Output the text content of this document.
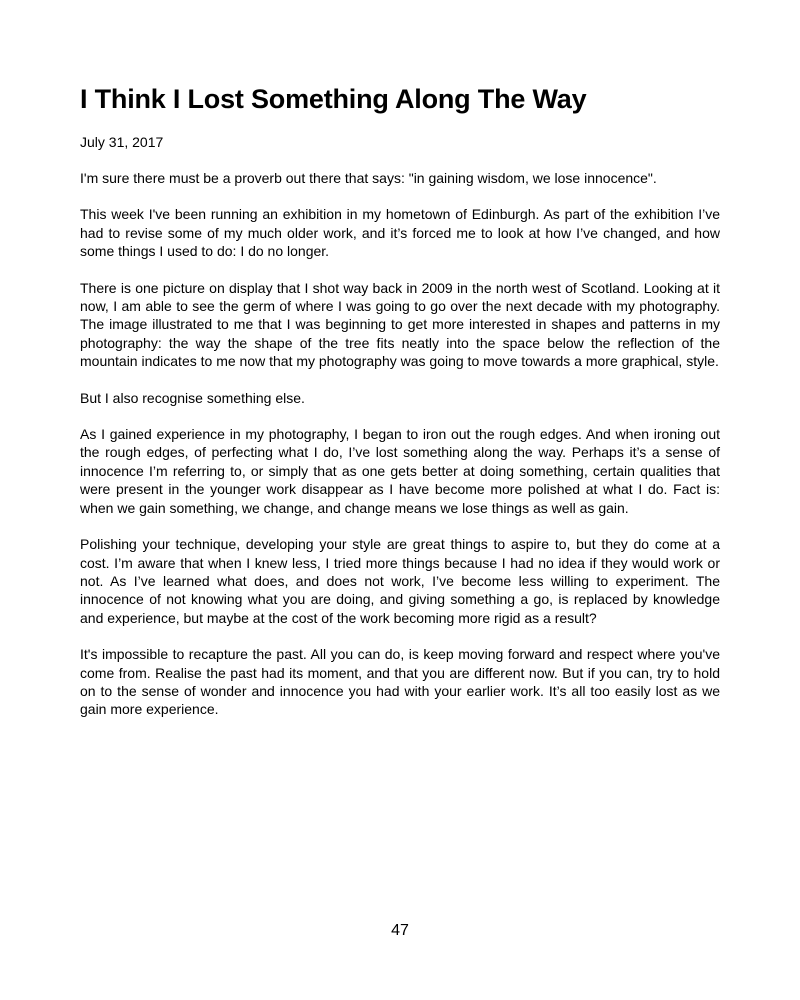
I Think I Lost Something Along The Way

July 31, 2017

I'm sure there must be a proverb out there that says: "in gaining wisdom, we lose innocence".

This week I've been running an exhibition in my hometown of Edinburgh. As part of the exhibition I’ve had to revise some of my much older work, and it’s forced me to look at how I’ve changed, and how some things I used to do: I do no longer.

There is one picture on display that I shot way back in 2009 in the north west of Scotland. Looking at it now, I am able to see the germ of where I was going to go over the next decade with my photography. The image illustrated to me that I was beginning to get more interested in shapes and patterns in my photography: the way the shape of the tree fits neatly into the space below the reflection of the mountain indicates to me now that my photography was going to move towards a more graphical, style.

But I also recognise something else.

As I gained experience in my photography, I began to iron out the rough edges. And when ironing out the rough edges, of perfecting what I do, I’ve lost something along the way. Perhaps it’s a sense of innocence I’m referring to, or simply that as one gets better at doing something, certain qualities that were present in the younger work disappear as I have become more polished at what I do. Fact is: when we gain something, we change, and change means we lose things as well as gain.

Polishing your technique, developing your style are great things to aspire to, but they do come at a cost. I’m aware that when I knew less, I tried more things because I had no idea if they would work or not. As I’ve learned what does, and does not work, I’ve become less willing to experiment. The innocence of not knowing what you are doing, and giving something a go, is replaced by knowledge and experience, but maybe at the cost of the work becoming more rigid as a result?

It's impossible to recapture the past. All you can do, is keep moving forward and respect where you've come from. Realise the past had its moment, and that you are different now. But if you can, try to hold on to the sense of wonder and innocence you had with your earlier work. It’s all too easily lost as we gain more experience.

47
